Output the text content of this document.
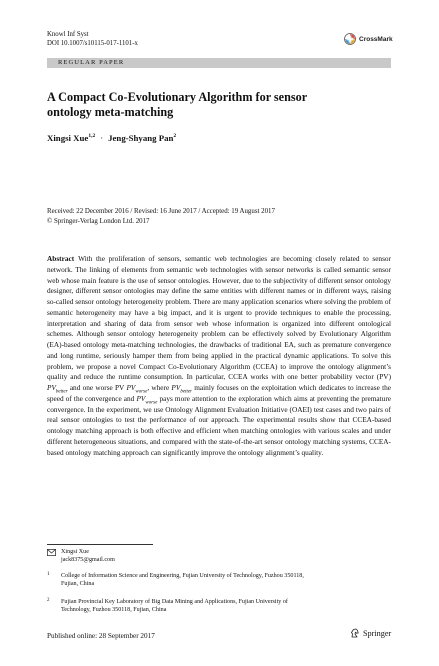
Knowl Inf Syst
DOI 10.1007/s10115-017-1101-x
CrossMark
REGULAR PAPER
A Compact Co-Evolutionary Algorithm for sensor ontology meta-matching
Xingsi Xue$^{1,2}$ · Jeng-Shyang Pan$^2$
Received: 22 December 2016 / Revised: 16 June 2017 / Accepted: 19 August 2017
© Springer-Verlag London Ltd. 2017
Abstract With the proliferation of sensors, semantic web technologies are becoming closely related to sensor network. The linking of elements from semantic web technologies with sensor networks is called semantic sensor web whose main feature is the use of sensor ontologies. However, due to the subjectivity of different sensor ontology designer, different sensor ontologies may define the same entities with different names or in different ways, raising so-called sensor ontology heterogeneity problem. There are many application scenarios where solving the problem of semantic heterogeneity may have a big impact, and it is urgent to provide techniques to enable the processing, interpretation and sharing of data from sensor web whose information is organized into different ontological schemes. Although sensor ontology heterogeneity problem can be effectively solved by Evolutionary Algorithm (EA)-based ontology meta-matching technologies, the drawbacks of traditional EA, such as premature convergence and long runtime, seriously hamper them from being applied in the practical dynamic applications. To solve this problem, we propose a novel Compact Co-Evolutionary Algorithm (CCEA) to improve the ontology alignment’s quality and reduce the runtime consumption. In particular, CCEA works with one better probability vector (PV) $PV_{better}$ and one worse PV $PV_{worse}$, where $PV_{better}$ mainly focuses on the exploitation which dedicates to increase the speed of the convergence and $PV_{worse}$ pays more attention to the exploration which aims at preventing the premature convergence. In the experiment, we use Ontology Alignment Evaluation Initiative (OAEI) test cases and two pairs of real sensor ontologies to test the performance of our approach. The experimental results show that CCEA-based ontology matching approach is both effective and efficient when matching ontologies with various scales and under different heterogeneous situations, and compared with the state-of-the-art sensor ontology matching systems, CCEA-based ontology matching approach can significantly improve the ontology alignment’s quality.
Xingsi Xue
jack8375@gmail.com
1 College of Information Science and Engineering, Fujian University of Technology, Fuzhou 350118, Fujian, China
2 Fujian Provincial Key Laboratory of Big Data Mining and Applications, Fujian University of Technology, Fuzhou 350118, Fujian, China
Published online: 28 September 2017	Springer
